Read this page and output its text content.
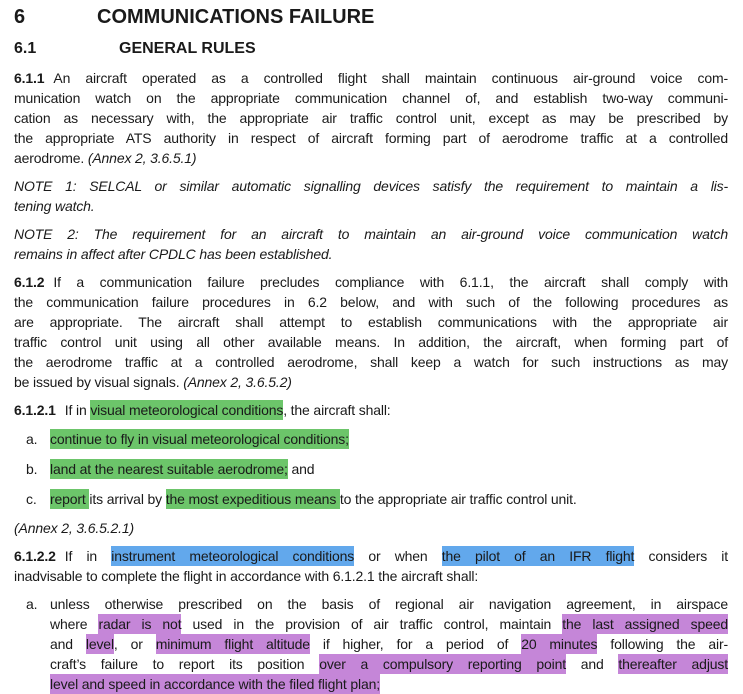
6	COMMUNICATIONS FAILURE
6.1	GENERAL RULES
6.1.1 An aircraft operated as a controlled flight shall maintain continuous air-ground voice com-
munication watch on the appropriate communication channel of, and establish two-way communi-
cation as necessary with, the appropriate air traffic control unit, except as may be prescribed by
the appropriate ATS authority in respect of aircraft forming part of aerodrome traffic at a controlled
aerodrome. (Annex 2, 3.6.5.1)
NOTE 1: SELCAL or similar automatic signalling devices satisfy the requirement to maintain a lis-
tening watch.
NOTE 2: The requirement for an aircraft to maintain an air-ground voice communication watch
remains in affect after CPDLC has been established.
6.1.2 If a communication failure precludes compliance with 6.1.1, the aircraft shall comply with
the communication failure procedures in 6.2 below, and with such of the following procedures as
are appropriate. The aircraft shall attempt to establish communications with the appropriate air
traffic control unit using all other available means. In addition, the aircraft, when forming part of
the aerodrome traffic at a controlled aerodrome, shall keep a watch for such instructions as may
be issued by visual signals. (Annex 2, 3.6.5.2)
6.1.2.1 If in visual meteorological conditions, the aircraft shall:
a. continue to fly in visual meteorological conditions;
b. land at the nearest suitable aerodrome; and
c. report its arrival by the most expeditious means to the appropriate air traffic control unit.
(Annex 2, 3.6.5.2.1)
6.1.2.2 If in instrument meteorological conditions or when the pilot of an IFR flight considers it
inadvisable to complete the flight in accordance with 6.1.2.1 the aircraft shall:
a. unless otherwise prescribed on the basis of regional air navigation agreement, in airspace
where radar is not used in the provision of air traffic control, maintain the last assigned speed
and level, or minimum flight altitude if higher, for a period of 20 minutes following the air-
craft’s failure to report its position over a compulsory reporting point and thereafter adjust
level and speed in accordance with the filed flight plan;
